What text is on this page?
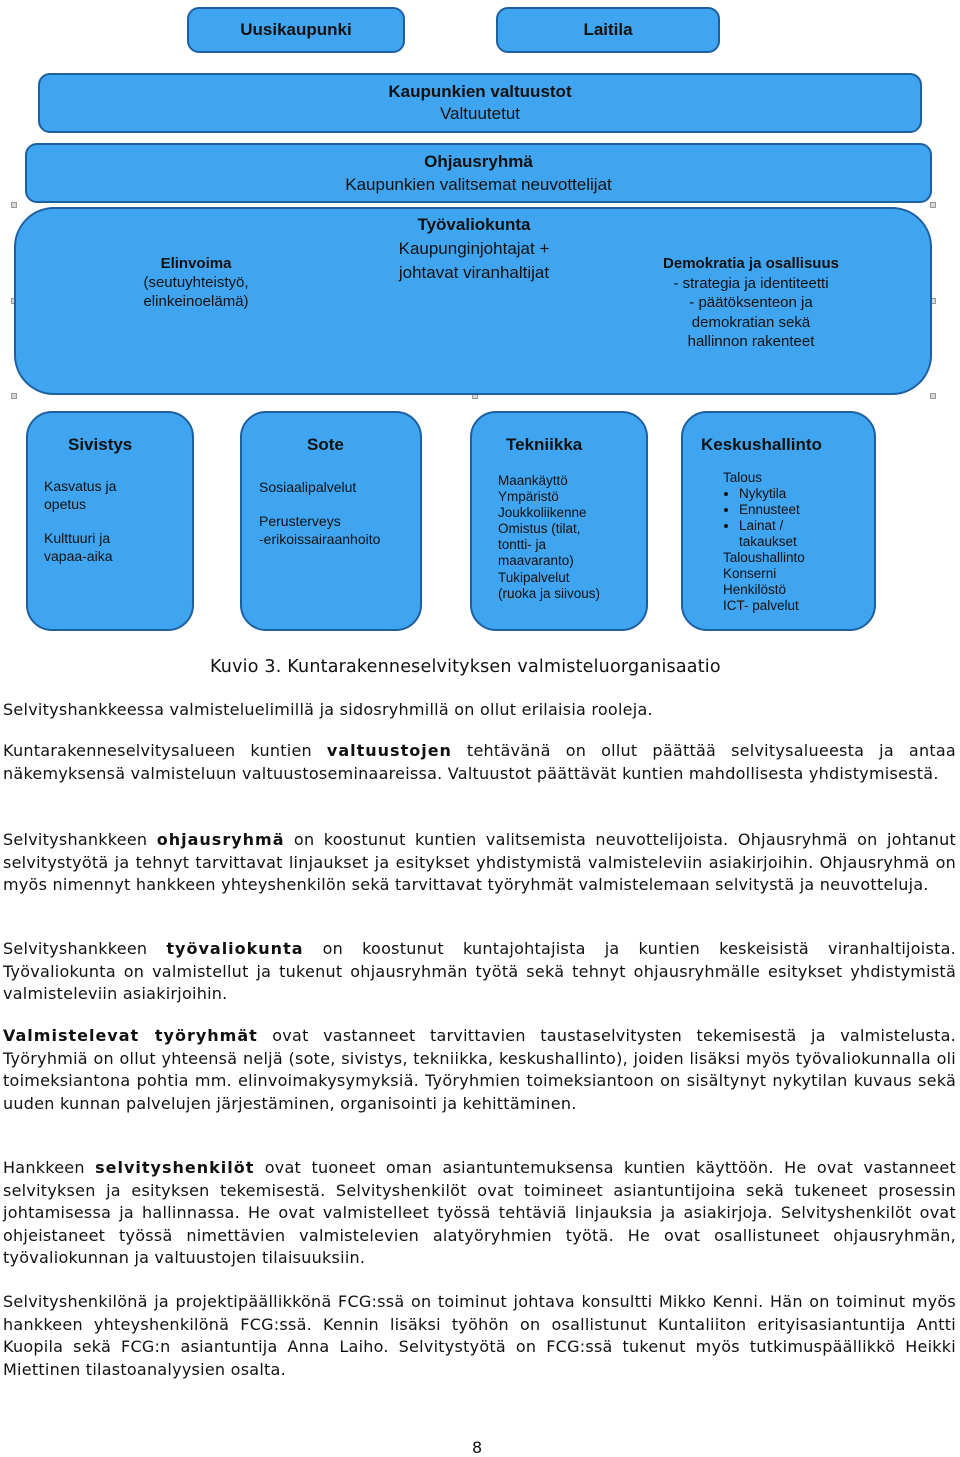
Uusikaupunki	Laitila
Kaupunkien valtuustot
Valtuutetut
Ohjausryhmä
Kaupunkien valitsemat neuvottelijat
Työvaliokunta
Kaupunginjohtajat +
johtavat viranhaltijat
Elinvoima
(seutuyhteistyö,
elinkeinoelämä)
Demokratia ja osallisuus
- strategia ja identiteetti
- päätöksenteon ja
demokratian sekä
hallinnon rakenteet
Sivistys
Kasvatus ja
opetus
Kulttuuri ja
vapaa-aika
Sote
Sosiaalipalvelut
Perusterveys
-erikoissairaanhoito
Tekniikka
Maankäyttö
Ympäristö
Joukkoliikenne
Omistus (tilat,
tontti- ja
maavaranto)
Tukipalvelut
(ruoka ja siivous)
Keskushallinto
Talous
• Nykytila
• Ennusteet
• Lainat /
takaukset
Taloushallinto
Konserni
Henkilöstö
ICT- palvelut
Kuvio 3. Kuntarakenneselvityksen valmisteluorganisaatio
Selvityshankkeessa valmisteluelimillä ja sidosryhmillä on ollut erilaisia rooleja.
Kuntarakenneselvitysalueen kuntien valtuustojen tehtävänä on ollut päättää selvitysalueesta ja antaa näkemyksensä valmisteluun valtuustoseminaareissa. Valtuustot päättävät kuntien mahdollisesta yhdistymisestä.
Selvityshankkeen ohjausryhmä on koostunut kuntien valitsemista neuvottelijoista. Ohjausryhmä on johtanut selvitystyötä ja tehnyt tarvittavat linjaukset ja esitykset yhdistymistä valmisteleviin asiakirjoihin. Ohjausryhmä on myös nimennyt hankkeen yhteyshenkilön sekä tarvittavat työryhmät valmistelemaan selvitystä ja neuvotteluja.
Selvityshankkeen työvaliokunta on koostunut kuntajohtajista ja kuntien keskeisistä viranhaltijoista. Työvaliokunta on valmistellut ja tukenut ohjausryhmän työtä sekä tehnyt ohjausryhmälle esitykset yhdistymistä valmisteleviin asiakirjoihin.
Valmistelevat työryhmät ovat vastanneet tarvittavien taustaselvitysten tekemisestä ja valmistelusta. Työryhmiä on ollut yhteensä neljä (sote, sivistys, tekniikka, keskushallinto), joiden lisäksi myös työvaliokunnalla oli toimeksiantona pohtia mm. elinvoimakysymyksiä. Työryhmien toimeksiantoon on sisältynyt nykytilan kuvaus sekä uuden kunnan palvelujen järjestäminen, organisointi ja kehittäminen.
Hankkeen selvityshenkilöt ovat tuoneet oman asiantuntemuksensa kuntien käyttöön. He ovat vastanneet selvityksen ja esityksen tekemisestä. Selvityshenkilöt ovat toimineet asiantuntijoina sekä tukeneet prosessin johtamisessa ja hallinnassa. He ovat valmistelleet työssä tehtäviä linjauksia ja asiakirjoja. Selvityshenkilöt ovat ohjeistaneet työssä nimettävien valmistelevien alatyöryhmien työtä. He ovat osallistuneet ohjausryhmän, työvaliokunnan ja valtuustojen tilaisuuksiin.
Selvityshenkilönä ja projektipäällikkönä FCG:ssä on toiminut johtava konsultti Mikko Kenni. Hän on toiminut myös hankkeen yhteyshenkilönä FCG:ssä. Kennin lisäksi työhön on osallistunut Kuntaliiton erityisasiantuntija Antti Kuopila sekä FCG:n asiantuntija Anna Laiho. Selvitystyötä on FCG:ssä tukenut myös tutkimuspäällikkö Heikki Miettinen tilastoanalyysien osalta.
8
